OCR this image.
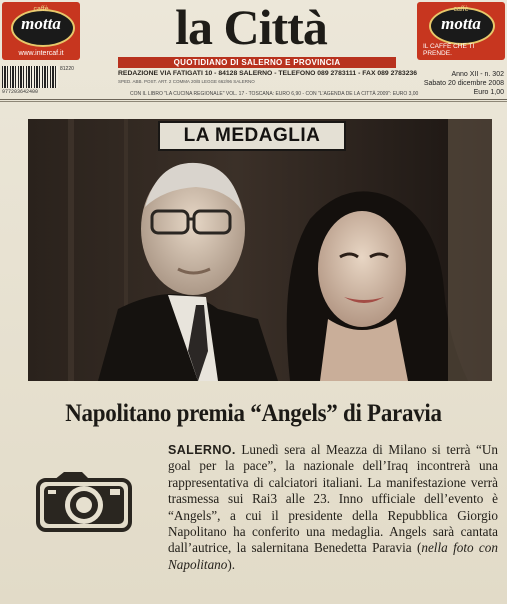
caffè
motta
www.intercaf.it
caffè
motta
IL CAFFÈ CHE TI PRENDE.
la Città
QUOTIDIANO DI SALERNO E PROVINCIA
REDAZIONE VIA FATIGATI 10 - 84128 SALERNO - TELEFONO 089 2783111 - FAX 089 2783236
SPED. ABB. POST. ART. 2 COMMA 20/B LEGGE 662/96 SALERNO
CON IL LIBRO "LA CUCINA REGIONALE" VOL. 17 - TOSCANA: EURO 6,90 - CON "L'AGENDA DE LA CITTÀ 2009": EURO 3,00
977203642400
81220
Anno XII - n. 302
Sabato 20 dicembre 2008
Euro 1,00
LA MEDAGLIA
Napolitano premia “Angels” di Paravia
SALERNO. Lunedì sera al Meazza di Milano si terrà “Un goal per la pace”, la nazionale dell’Iraq incontrerà una rappresentativa di calciatori italiani. La manifestazione verrà trasmessa sui Rai3 alle 23. Inno ufficiale dell’evento è “Angels”, a cui il presidente della Repubblica Giorgio Napolitano ha conferito una medaglia. Angels sarà cantata dall’autrice, la salernitana Benedetta Paravia (nella foto con Napolitano).
